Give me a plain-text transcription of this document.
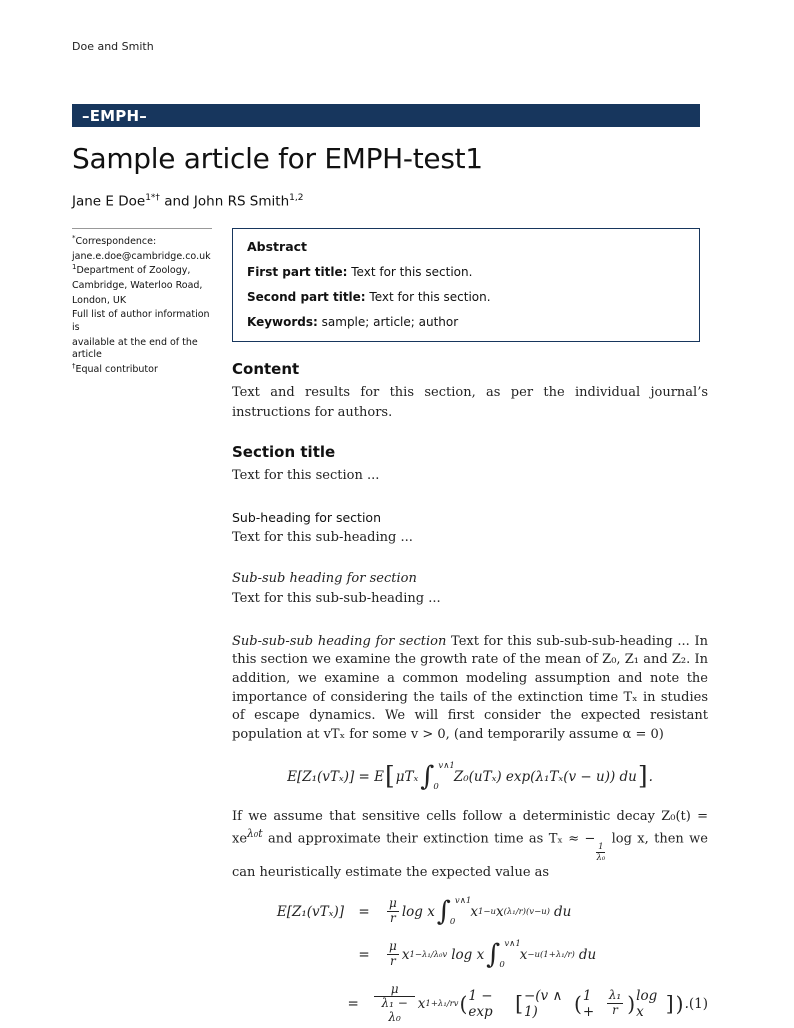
Doe and Smith
–EMPH–
Sample article for EMPH-test1
Jane E Doe$^{1*\dagger}$ and John RS Smith$^{1,2}$
*Correspondence:
jane.e.doe@cambridge.co.uk
$^1$Department of Zoology,
Cambridge, Waterloo Road,
London, UK
Full list of author information is
available at the end of the article
†Equal contributor
Abstract
First part title: Text for this section.
Second part title: Text for this section.
Keywords: sample; article; author
Content
Text and results for this section, as per the individual journal’s instructions for authors.
Section title
Text for this section ...
Sub-heading for section
Text for this sub-heading ...
Sub-sub heading for section
Text for this sub-sub-heading ...
Sub-sub-sub heading for section Text for this sub-sub-sub-heading ... In this section we examine the growth rate of the mean of Z₀, Z₁ and Z₂. In addition, we examine a common modeling assumption and note the importance of considering the tails of the extinction time Tₓ in studies of escape dynamics. We will first consider the expected resistant population at vTₓ for some v > 0, (and temporarily assume α = 0)
E[Z₁(vTₓ)] = E [ μTₓ ∫ v∧1
0
Z₀(uTₓ) exp(λ₁Tₓ(v − u)) du ] .
If we assume that sensitive cells follow a deterministic decay $Z_0(t) = xe^{\lambda_0t}$ and approximate their extinction time as Tₓ ≈ −
$\frac{1}{\text{λ₀}}$
log x, then we can heuristically estimate the expected value as
E[Z₁(vTₓ)]	=	$\frac{\mu}{r}$ log x ∫ v∧1
0
x 1−u x (λ₁/r)(v−u) du
=	$\frac{\mu}{r}$ x 1−λ₁/λ₀v log x ∫ v∧1
0
x −u(1+λ₁/r) du
=	$\frac{\mu}{\text{λ₁ − λ₀}}$ x 1+λ₁/rv ( 1 − exp	[ −(v ∧ 1)	( 1 +	$\frac{\text{λ₁}}{r}$ ) log x	] ) . (1)
